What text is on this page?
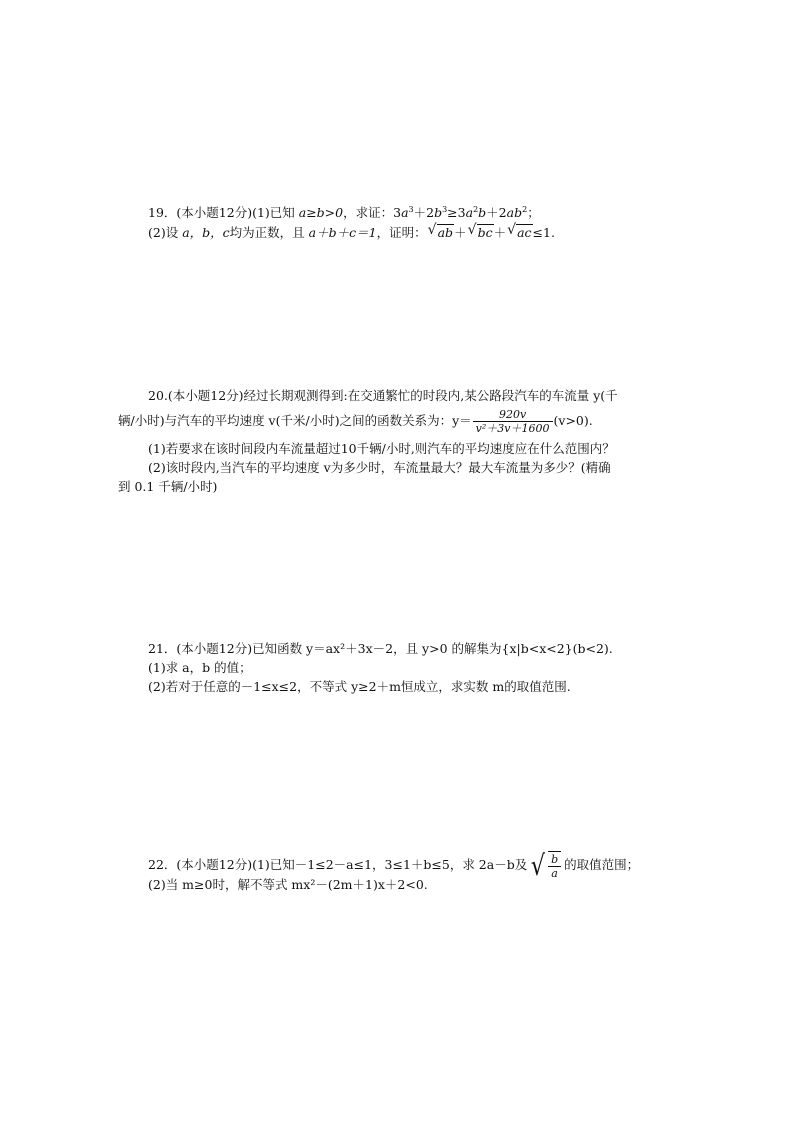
19．(本小题12分)(1)已知 a≥b>0，求证：$3a^3+2b^3\ge 3a^2b+2ab^2$；
(2)设 a，b，c均为正数，且 a＋b＋c＝1，证明： √ ab＋ √ bc＋ √ ac≤1.
20.(本小题12分)经过长期观测得到:在交通繁忙的时段内,某公路段汽车的车流量 y(千
辆/小时)与汽车的平均速度 v(千米/小时)之间的函数关系为：$y= \frac{920v}{\text{v²＋3v＋1600}} (v>0)$.
(1)若要求在该时间段内车流量超过10千辆/小时,则汽车的平均速度应在什么范围内？
(2)该时段内,当汽车的平均速度 v为多少时，车流量最大？最大车流量为多少？(精确
到 0.1 千辆/小时)
21．(本小题12分)已知函数 y＝ax²＋3x－2，且 y>0 的解集为{x|b<x<2}(b<2).
(1)求 a，b 的值；
(2)若对于任意的－1≤x≤2，不等式 y≥2＋m恒成立，求实数 m的取值范围.
22．(本小题12分)(1)已知－1≤2－a≤1，3≤1＋b≤5，求 2a－b及 √ $\frac{b}{a}$ 的取值范围；
(2)当 m≥0时，解不等式 mx²－(2m＋1)x＋2<0.
